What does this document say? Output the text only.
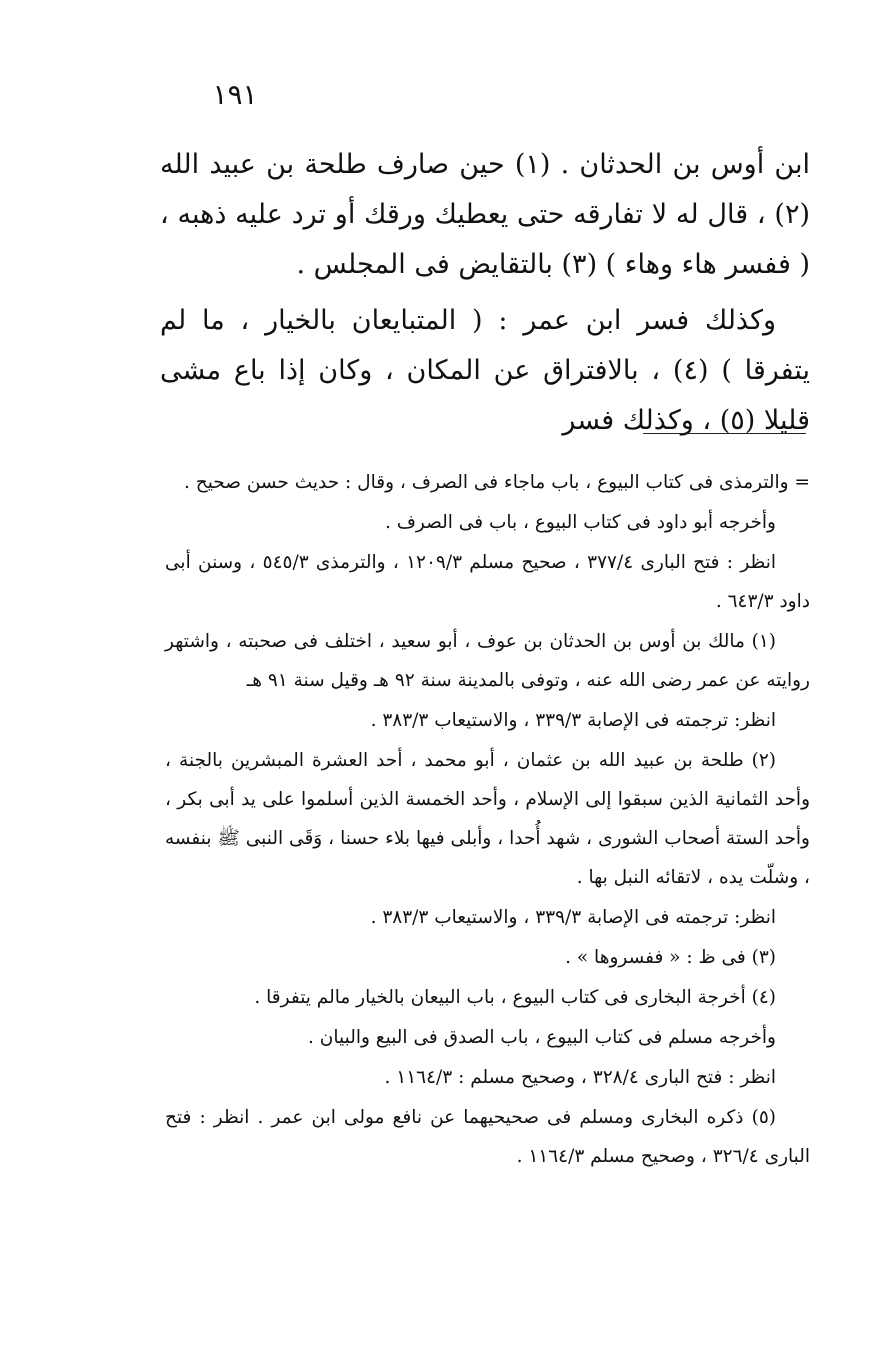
١٩١

ابن أوس بن الحدثان . (١) حين صارف طلحة بن عبيد الله (٢) ، قال له لا تفارقه حتى يعطيك ورقك أو ترد عليه ذهبه ، ( ففسر هاء وهاء ) (٣) بالتقايض فى المجلس .

وكذلك فسر ابن عمر : ( المتبايعان بالخيار ، ما لم يتفرقا ) (٤) ، بالافتراق عن المكان ، وكان إذا باع مشى قليلا (٥) ، وكذلك فسر

= والترمذى فى كتاب البيوع ، باب ماجاء فى الصرف ، وقال : حديث حسن صحيح .

وأخرجه أبو داود فى كتاب البيوع ، باب فى الصرف .

انظر : فتح البارى ٣٧٧/٤ ، صحيح مسلم ١٢٠٩/٣ ، والترمذى ٥٤٥/٣ ، وسنن أبى داود ٦٤٣/٣ .

(١) مالك بن أوس بن الحدثان بن عوف ، أبو سعيد ، اختلف فى صحبته ، واشتهر روايته عن عمر رضى الله عنه ، وتوفى بالمدينة سنة ٩٢ هـ وقيل سنة ٩١ هـ

انظر: ترجمته فى الإصابة ٣٣٩/٣ ، والاستيعاب ٣٨٣/٣ .

(٢) طلحة بن عبيد الله بن عثمان ، أبو محمد ، أحد العشرة المبشرين بالجنة ، وأحد الثمانية الذين سبقوا إلى الإسلام ، وأحد الخمسة الذين أسلموا على يد أبى بكر ، وأحد الستة أصحاب الشورى ، شهد أُحدا ، وأبلى فيها بلاء حسنا ، وَقَى النبى ﷺ بنفسه ، وشلّت يده ، لاتقائه النبل بها .

انظر: ترجمته فى الإصابة ٣٣٩/٣ ، والاستيعاب ٣٨٣/٣ .

(٣) فى ظ : « ففسروها » .

(٤) أخرجة البخارى فى كتاب البيوع ، باب البيعان بالخيار مالم يتفرقا .

وأخرجه مسلم فى كتاب البيوع ، باب الصدق فى البيع والبيان .

انظر : فتح البارى ٣٢٨/٤ ، وصحيح مسلم : ١١٦٤/٣ .

(٥) ذكره البخارى ومسلم فى صحيحيهما عن نافع مولى ابن عمر . انظر : فتح البارى ٣٢٦/٤ ، وصحيح مسلم ١١٦٤/٣ .
